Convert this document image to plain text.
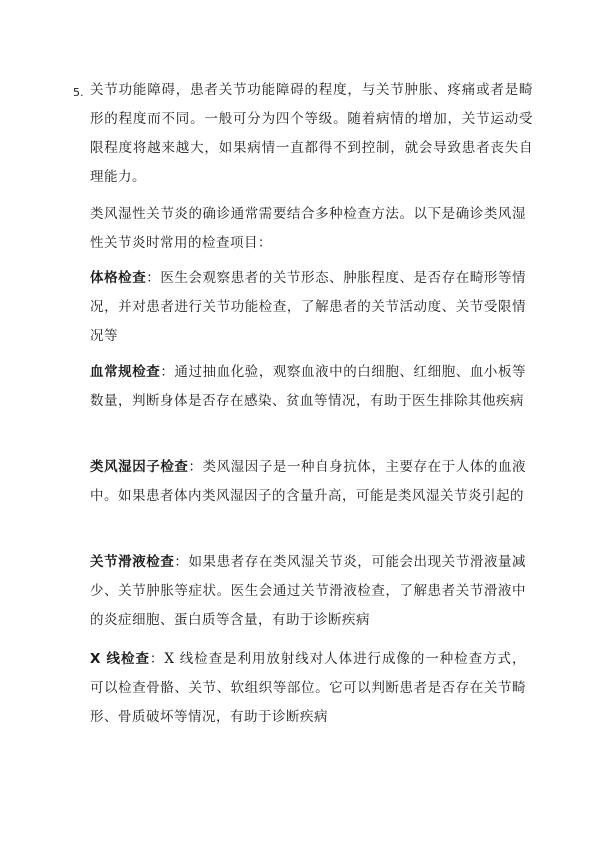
5. 关节功能障碍，患者关节功能障碍的程度，与关节肿胀、疼痛或者是畸形的程度而不同。一般可分为四个等级。随着病情的增加，关节运动受限程度将越来越大，如果病情一直都得不到控制，就会导致患者丧失自理能力。

类风湿性关节炎的确诊通常需要结合多种检查方法。以下是确诊类风湿性关节炎时常用的检查项目：

体格检查：医生会观察患者的关节形态、肿胀程度、是否存在畸形等情况，并对患者进行关节功能检查，了解患者的关节活动度、关节受限情况等

血常规检查：通过抽血化验，观察血液中的白细胞、红细胞、血小板等数量，判断身体是否存在感染、贫血等情况，有助于医生排除其他疾病

类风湿因子检查：类风湿因子是一种自身抗体，主要存在于人体的血液中。如果患者体内类风湿因子的含量升高，可能是类风湿关节炎引起的

关节滑液检查：如果患者存在类风湿关节炎，可能会出现关节滑液量减少、关节肿胀等症状。医生会通过关节滑液检查，了解患者关节滑液中的炎症细胞、蛋白质等含量，有助于诊断疾病

X 线检查：X 线检查是利用放射线对人体进行成像的一种检查方式，可以检查骨骼、关节、软组织等部位。它可以判断患者是否存在关节畸形、骨质破坏等情况，有助于诊断疾病
